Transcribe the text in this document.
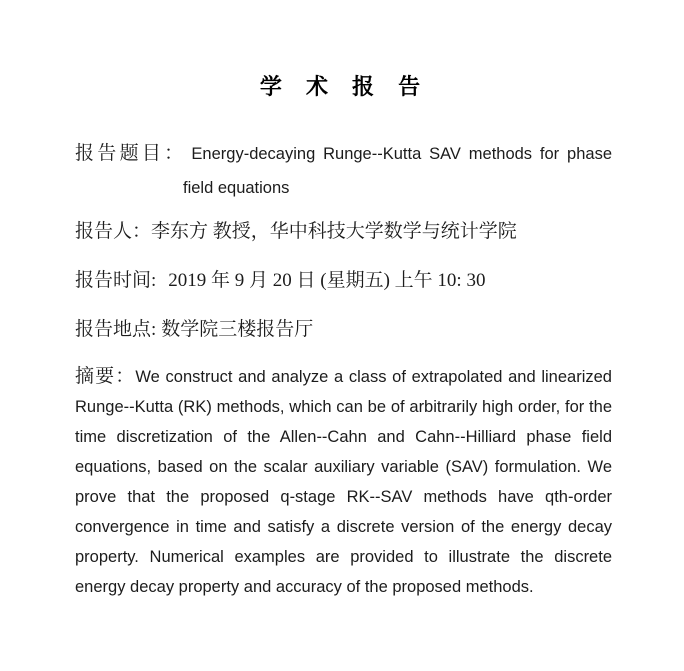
学 术 报 告

报告题目： Energy-decaying Runge--Kutta SAV methods for phase field equations

报告人：李东方 教授，华中科技大学数学与统计学院

报告时间: 2019 年 9 月 20 日 (星期五) 上午 10: 30

报告地点: 数学院三楼报告厅

摘要：We construct and analyze a class of extrapolated and linearized Runge--Kutta (RK) methods, which can be of arbitrarily high order, for the time discretization of the Allen--Cahn and Cahn--Hilliard phase field equations, based on the scalar auxiliary variable (SAV) formulation. We prove that the proposed q-stage RK--SAV methods have qth-order convergence in time and satisfy a discrete version of the energy decay property. Numerical examples are provided to illustrate the discrete energy decay property and accuracy of the proposed methods.
